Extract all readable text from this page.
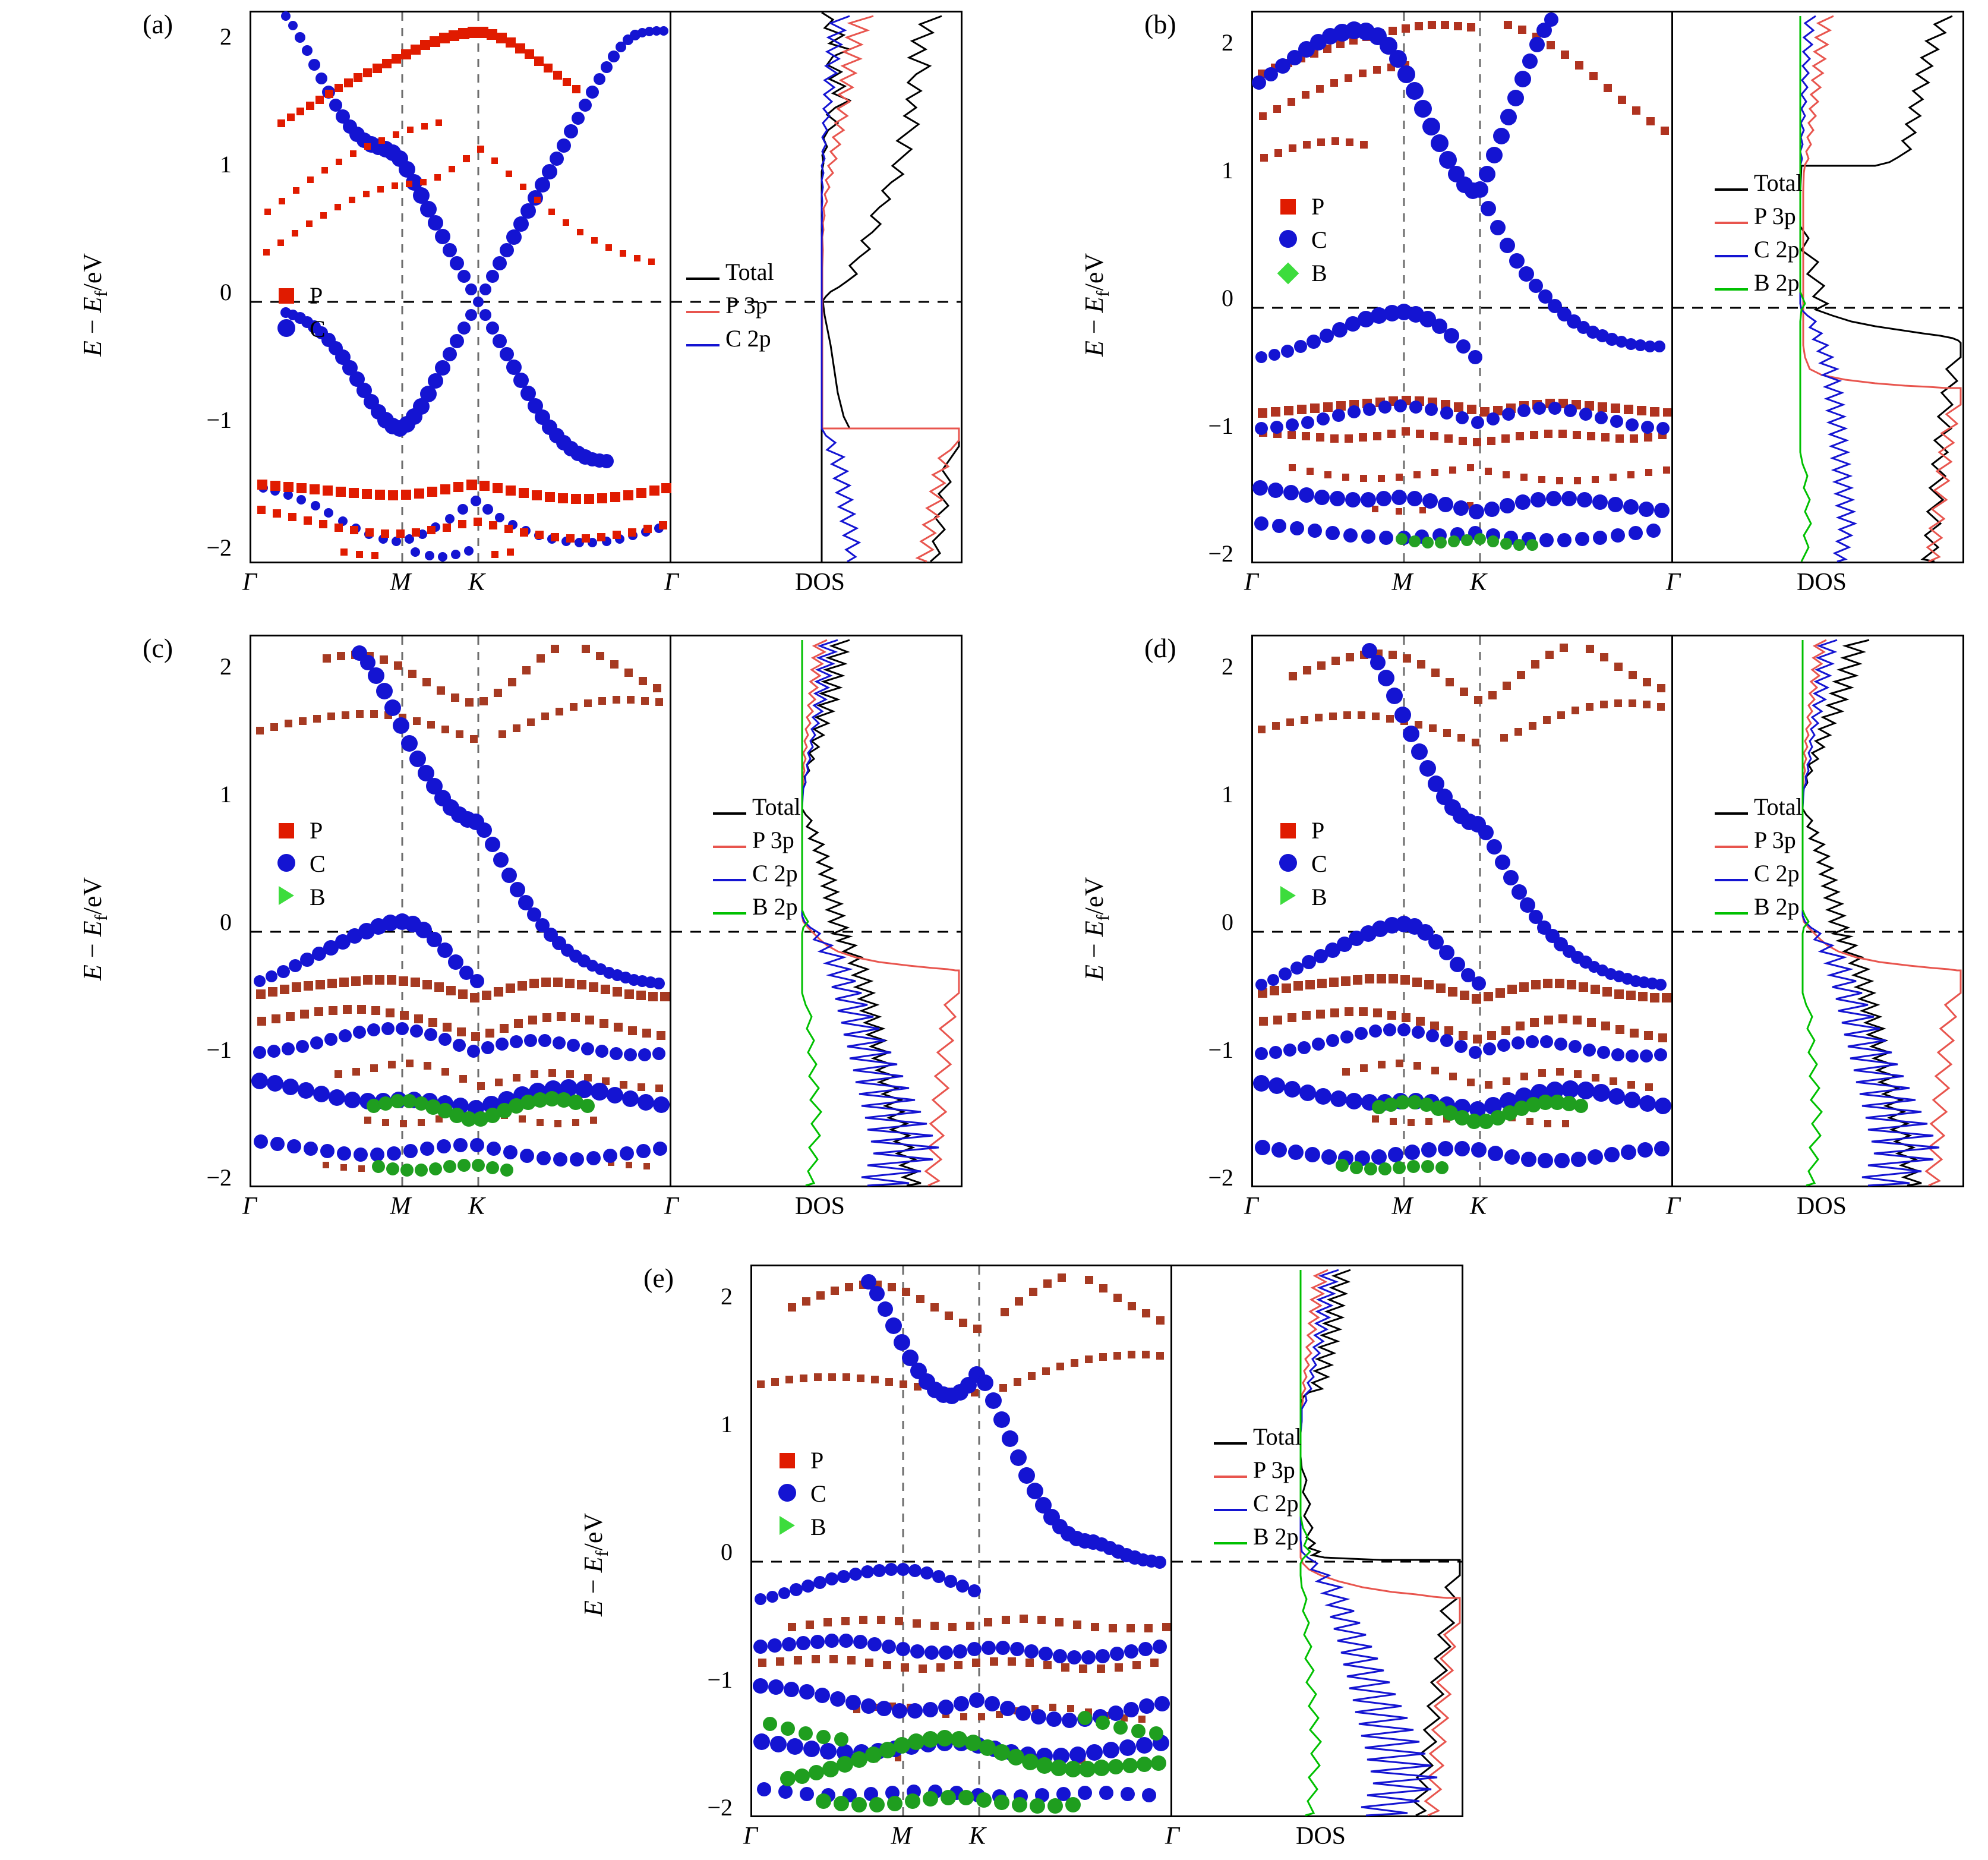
(a)
$E - E_f/eV$
2
1
0
−1
−2
P
C
Total
P 3p
C 2p
Γ	M	K	Γ	DOS
(b)
$E - E_f/eV$
2
1
0
−1
−2
P
C
B
Total
P 3p
C 2p
B 2p
Γ	M	K	Γ	DOS
(c)
$E - E_f/eV$
2
1
0
−1
−2
P
C
B
Total
P 3p
C 2p
B 2p
Γ	M	K	Γ	DOS
(d)
$E - E_f/eV$
2
1
0
−1
−2
P
C
B
Total
P 3p
C 2p
B 2p
Γ	M	K	Γ	DOS
(e)
$E - E_f/eV$
2
1
0
−1
−2
P
C
B
Total
P 3p
C 2p
B 2p
Γ	M	K	Γ	DOS
